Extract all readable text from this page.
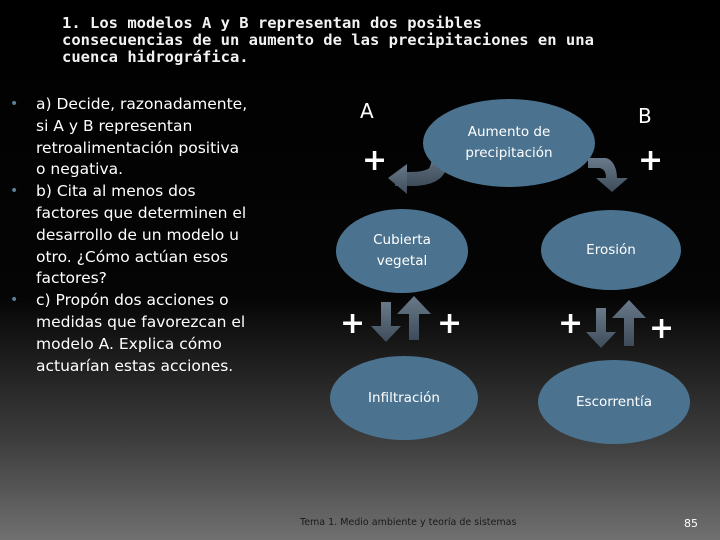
1. Los modelos A y B representan dos posibles
consecuencias de un aumento de las precipitaciones en una
cuenca hidrográfica.
• a) Decide, razonadamente, si A y B representan retroalimentación positiva o negativa.
• b) Cita al menos dos factores que determinen el desarrollo de un modelo u otro. ¿Cómo actúan esos factores?
• c) Propón dos acciones o medidas que favorezcan el modelo A. Explica cómo actuarían estas acciones.
A	B
Aumento de
precipitación
Cubierta
vegetal
Erosión
Infiltración	Escorrentía
+	+
+ +	+ +
Tema 1. Medio ambiente y teoría de sistemas	85
